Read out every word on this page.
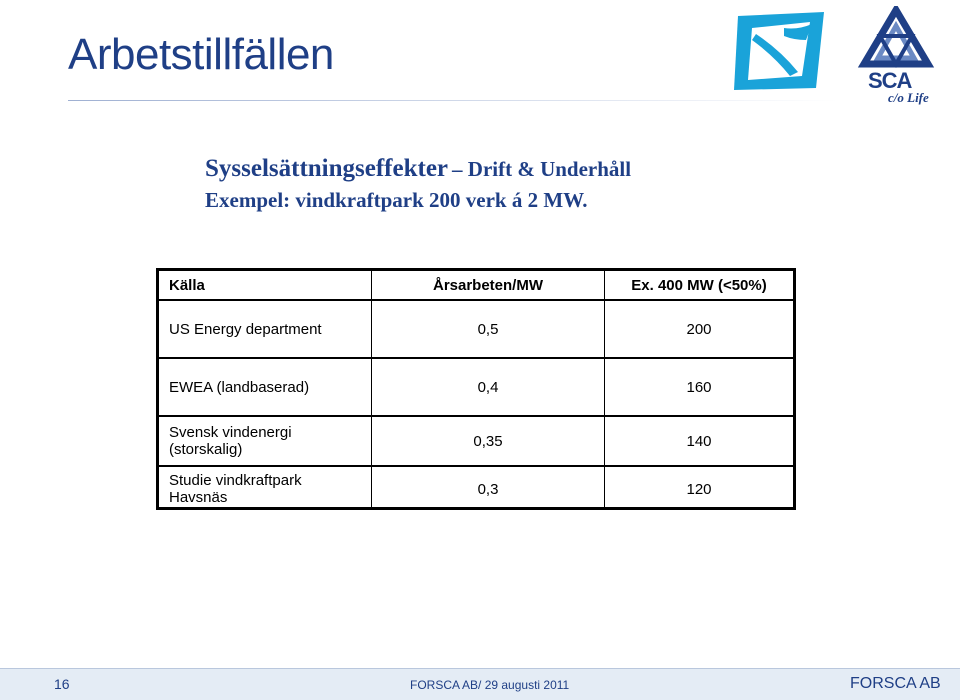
Arbetstillfällen
SCA
c/o Life
Sysselsättningseffekter – Drift & Underhåll
Exempel: vindkraftpark 200 verk á 2 MW.
Källa	Årsarbeten/MW	Ex. 400 MW (<50%)
US Energy department	0,5	200
EWEA (landbaserad)	0,4	160
Svensk vindenergi (storskalig)	0,35	140
Studie vindkraftpark Havsnäs	0,3	120
16	FORSCA AB/ 29 augusti 2011	FORSCA AB
